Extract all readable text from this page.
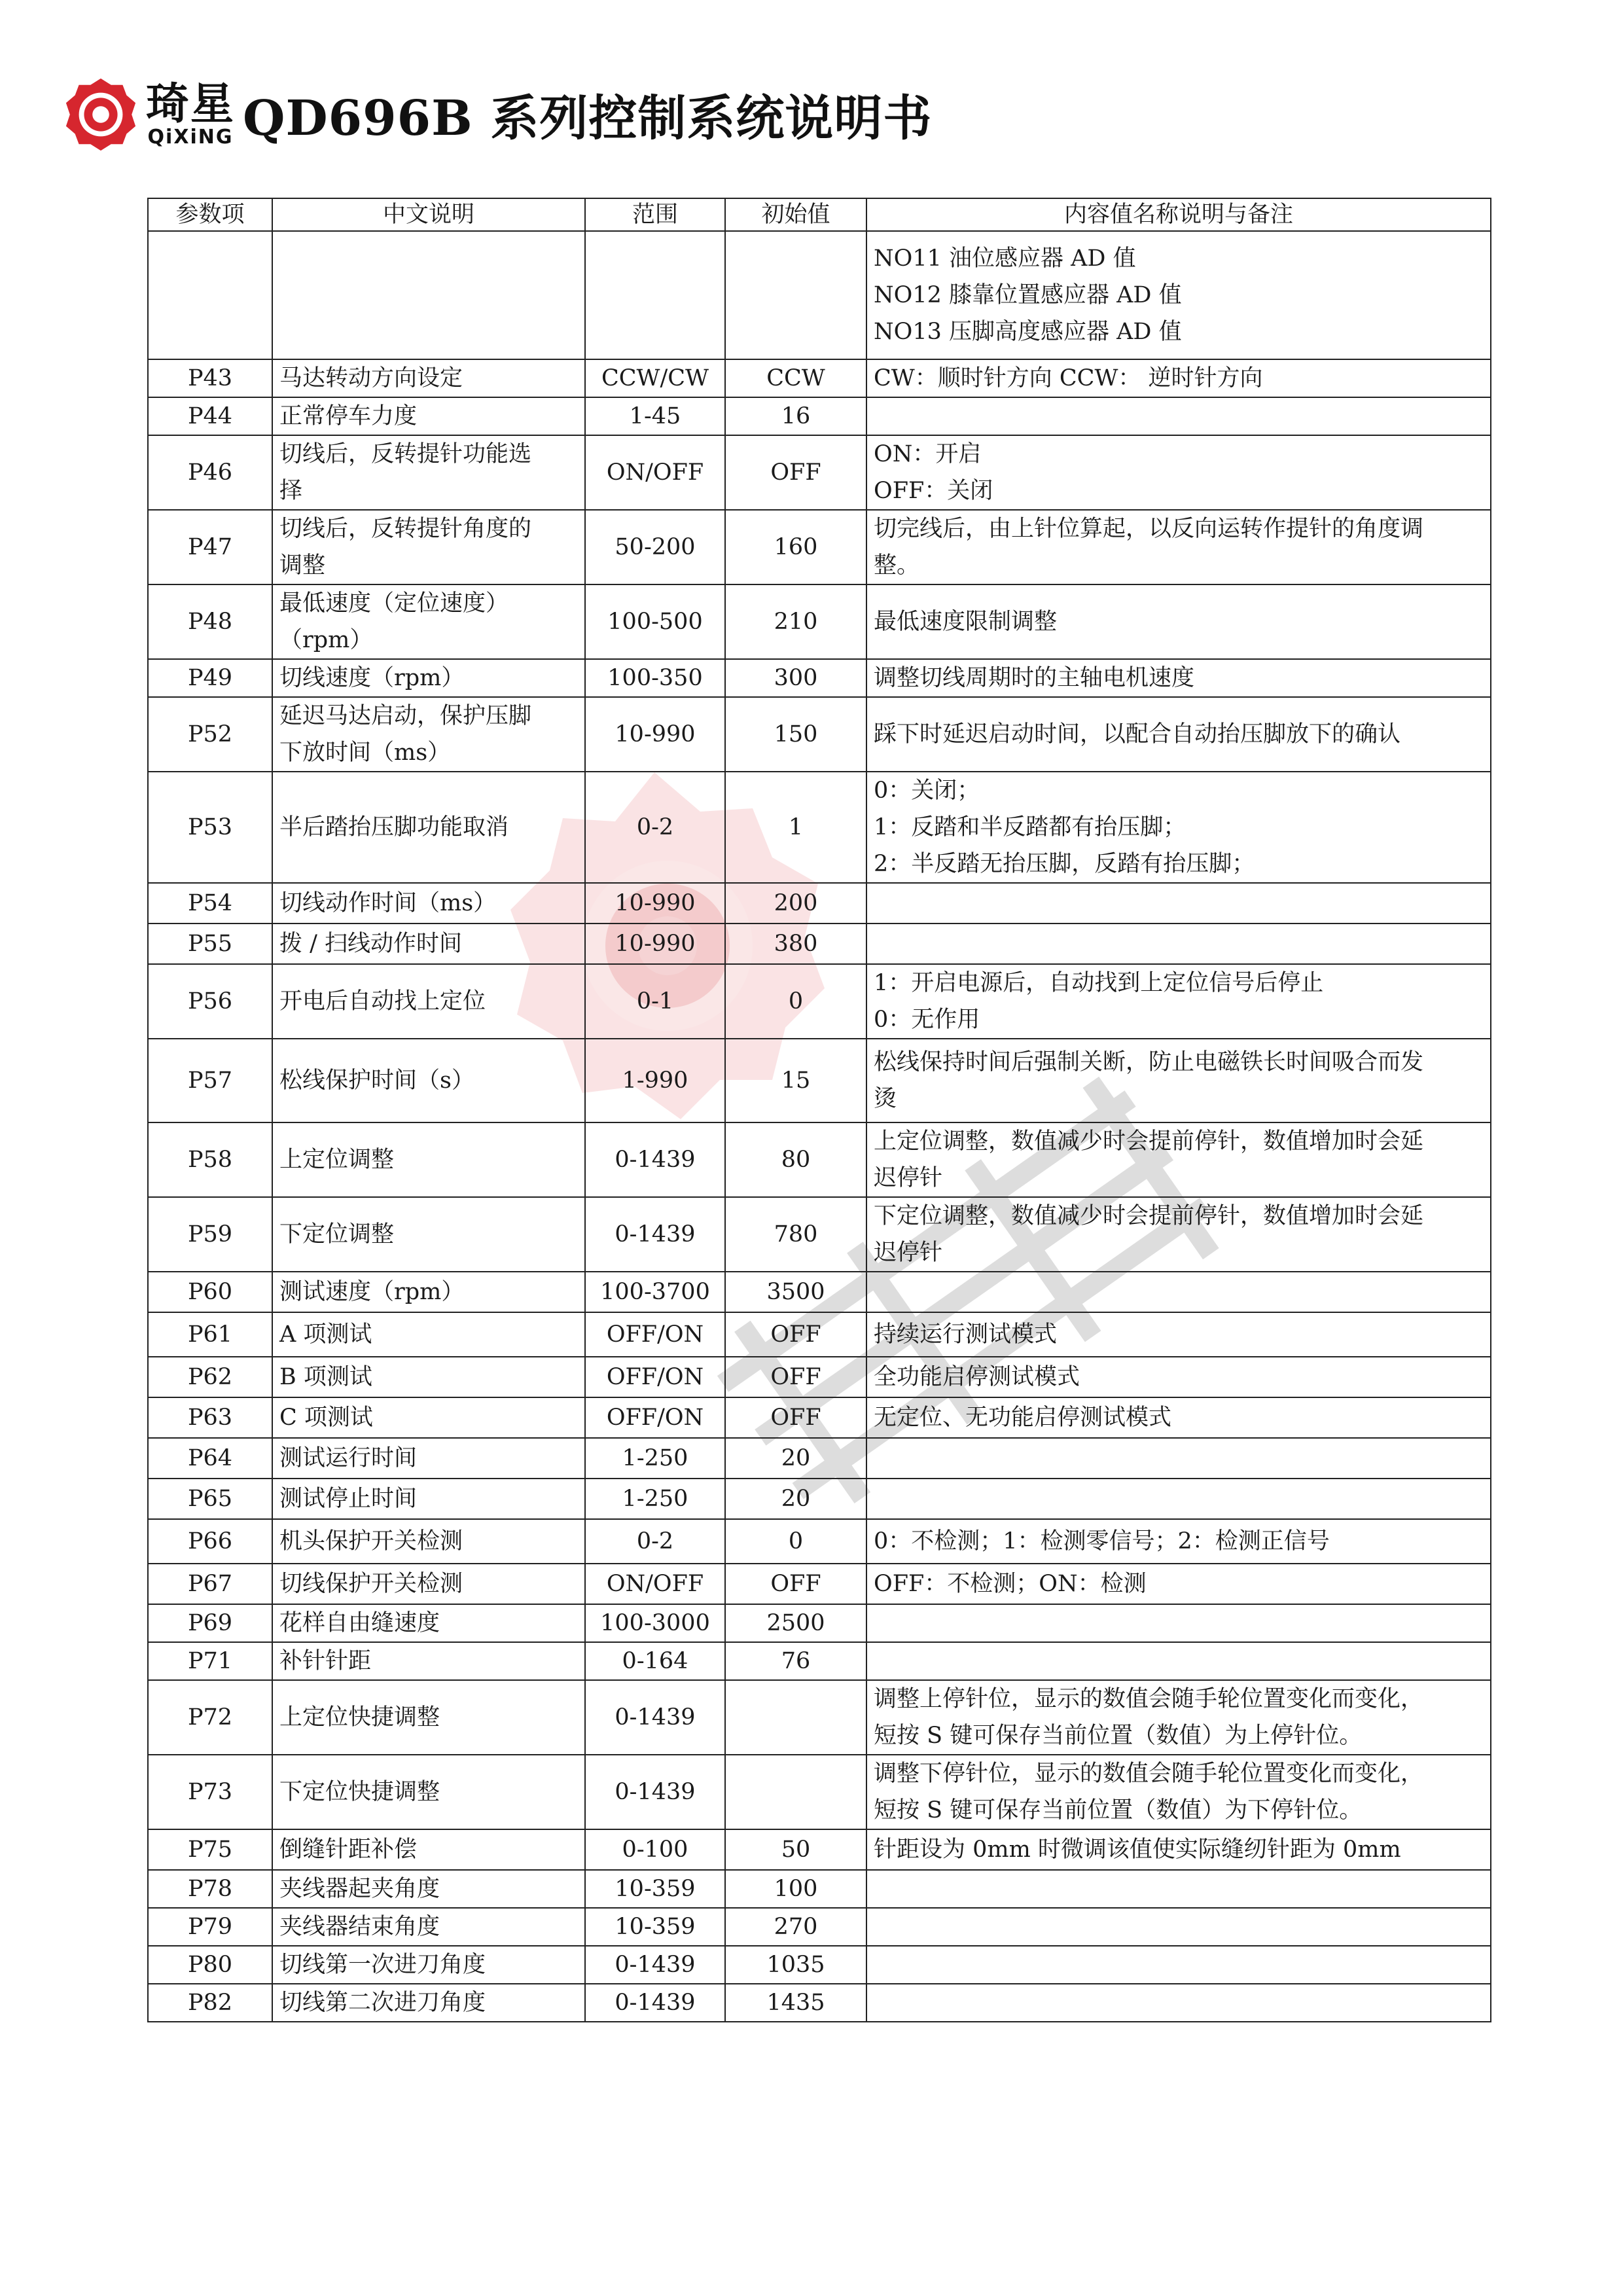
琦星
QiXiNG QD696B 系列控制系统说明书
参数项	中文说明	范围	初始值	内容值名称说明与备注

				NO11 油位感应器 AD 值
NO12 膝靠位置感应器 AD 值
NO13 压脚高度感应器 AD 值

P43	马达转动方向设定	CCW/CW	CCW	CW：顺时针方向 CCW： 逆时针方向

P44	正常停车力度	1-45	16	
P46	切线后，反转提针功能选
择	ON/OFF	OFF	ON：开启
OFF：关闭

P47	切线后，反转提针角度的
调整	50-200	160	切完线后，由上针位算起，以反向运转作提针的角度调
整。

P48	最低速度（定位速度）
（rpm）	100-500	210	最低速度限制调整

P49	切线速度（rpm）	100-350	300	调整切线周期时的主轴电机速度

P52	延迟马达启动，保护压脚
下放时间（ms）	10-990	150	踩下时延迟启动时间，以配合自动抬压脚放下的确认

P53	半后踏抬压脚功能取消	0-2	1	0：关闭；
1：反踏和半反踏都有抬压脚；
2：半反踏无抬压脚，反踏有抬压脚；

P54	切线动作时间（ms）	10-990	200	
P55	拨 / 扫线动作时间	10-990	380	
P56	开电后自动找上定位	0-1	0	1：开启电源后，自动找到上定位信号后停止
0：无作用

P57	松线保护时间（s）	1-990	15	松线保持时间后强制关断，防止电磁铁长时间吸合而发
烫

P58	上定位调整	0-1439	80	上定位调整，数值减少时会提前停针，数值增加时会延
迟停针

P59	下定位调整	0-1439	780	下定位调整，数值减少时会提前停针，数值增加时会延
迟停针

P60	测试速度（rpm）	100-3700	3500	
P61	A 项测试	OFF/ON	OFF	持续运行测试模式

P62	B 项测试	OFF/ON	OFF	全功能启停测试模式

P63	C 项测试	OFF/ON	OFF	无定位、无功能启停测试模式

P64	测试运行时间	1-250	20	
P65	测试停止时间	1-250	20	
P66	机头保护开关检测	0-2	0	0：不检测；1：检测零信号；2：检测正信号

P67	切线保护开关检测	ON/OFF	OFF	OFF：不检测；ON：检测

P69	花样自由缝速度	100-3000	2500	
P71	补针针距	0-164	76	
P72	上定位快捷调整	0-1439		调整上停针位，显示的数值会随手轮位置变化而变化，
短按 S 键可保存当前位置（数值）为上停针位。

P73	下定位快捷调整	0-1439		调整下停针位，显示的数值会随手轮位置变化而变化，
短按 S 键可保存当前位置（数值）为下停针位。

P75	倒缝针距补偿	0-100	50	针距设为 0mm 时微调该值使实际缝纫针距为 0mm

P78	夹线器起夹角度	10-359	100	
P79	夹线器结束角度	10-359	270	
P80	切线第一次进刀角度	0-1439	1035	
P82	切线第二次进刀角度	0-1439	1435	
